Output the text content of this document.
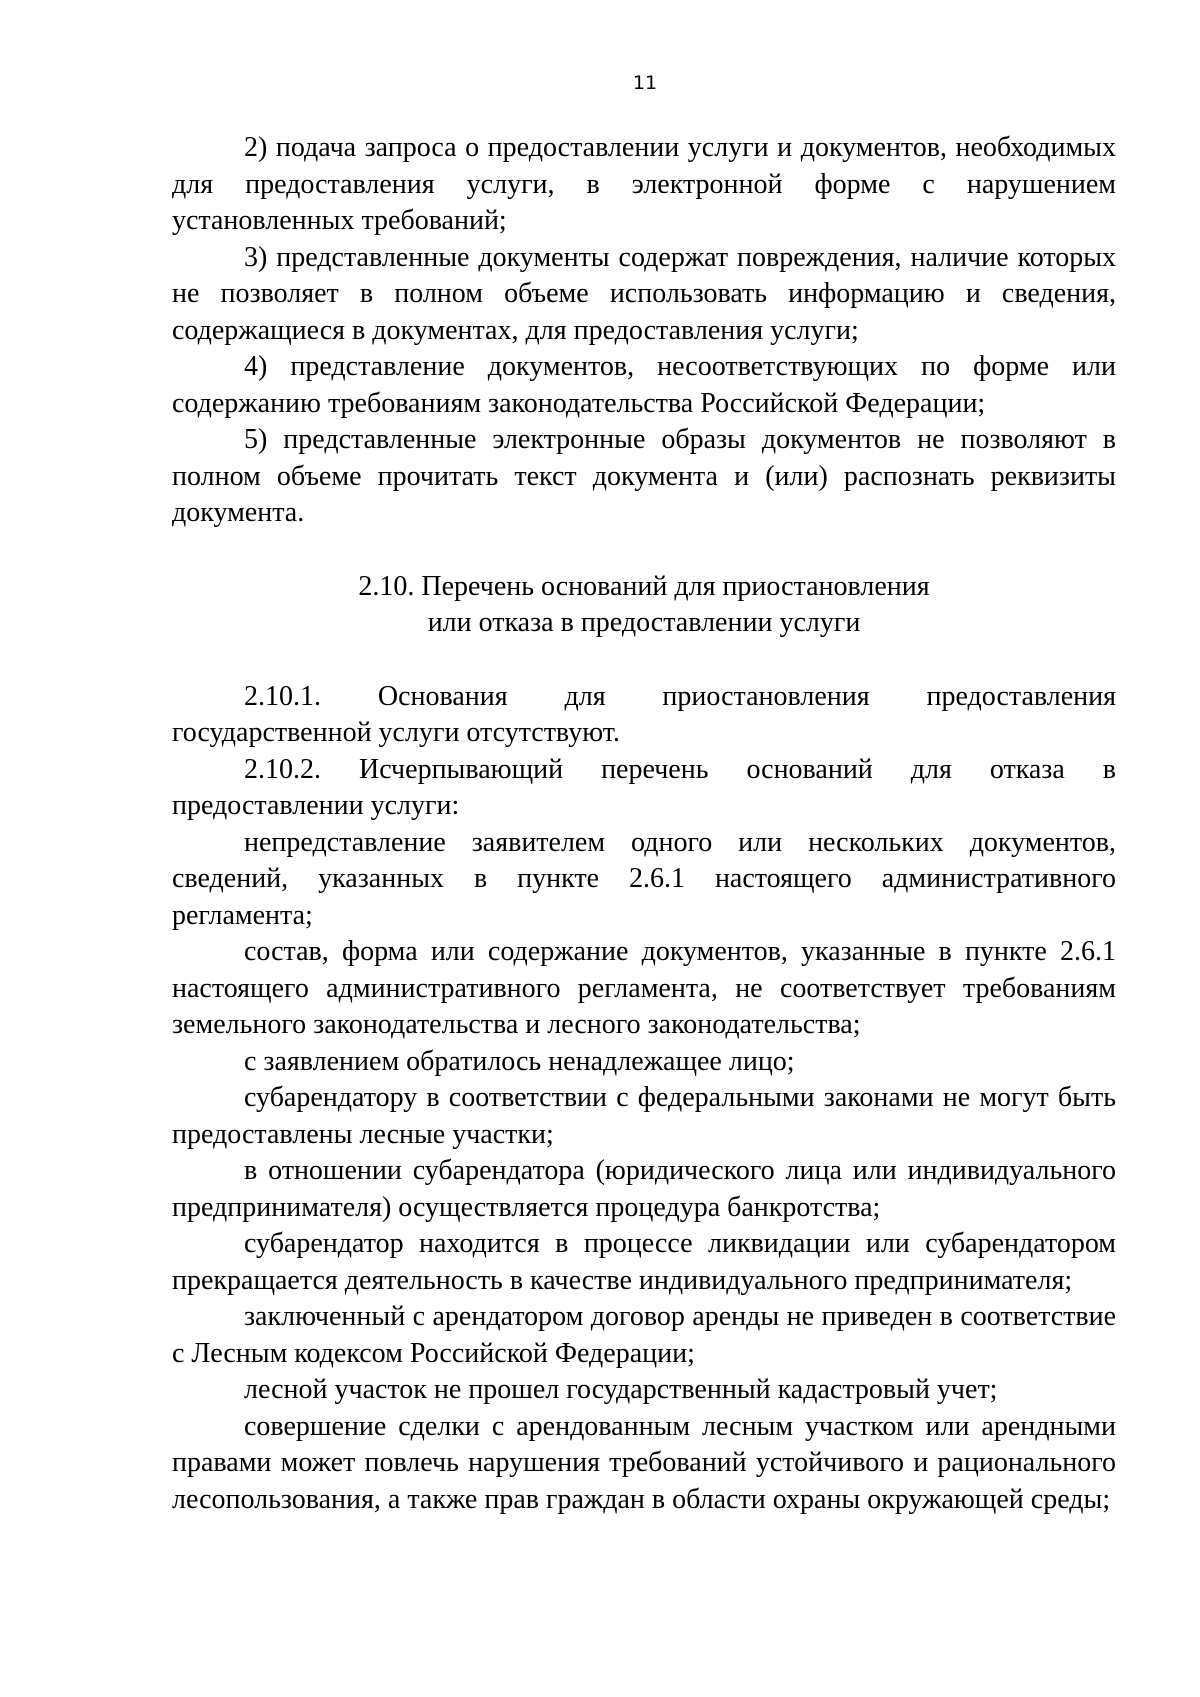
11

2) подача запроса о предоставлении услуги и документов, необходимых для предоставления услуги, в электронной форме с нарушением установленных требований;

3) представленные документы содержат повреждения, наличие которых не позволяет в полном объеме использовать информацию и сведения, содержащиеся в документах, для предоставления услуги;

4) представление документов, несоответствующих по форме или содержанию требованиям законодательства Российской Федерации;

5) представленные электронные образы документов не позволяют в полном объеме прочитать текст документа и (или) распознать реквизиты документа.

2.10. Перечень оснований для приостановления

или отказа в предоставлении услуги

2.10.1. Основания для приостановления предоставления государственной услуги отсутствуют.

2.10.2. Исчерпывающий перечень оснований для отказа в предоставлении услуги:

непредставление заявителем одного или нескольких документов, сведений, указанных в пункте 2.6.1 настоящего административного регламента;

состав, форма или содержание документов, указанные в пункте 2.6.1 настоящего административного регламента, не соответствует требованиям земельного законодательства и лесного законодательства;

с заявлением обратилось ненадлежащее лицо;

субарендатору в соответствии с федеральными законами не могут быть предоставлены лесные участки;

в отношении субарендатора (юридического лица или индивидуального предпринимателя) осуществляется процедура банкротства;

субарендатор находится в процессе ликвидации или субарендатором прекращается деятельность в качестве индивидуального предпринимателя;

заключенный с арендатором договор аренды не приведен в соответствие с Лесным кодексом Российской Федерации;

лесной участок не прошел государственный кадастровый учет;

совершение сделки с арендованным лесным участком или арендными правами может повлечь нарушения требований устойчивого и рационального лесопользования, а также прав граждан в области охраны окружающей среды;
